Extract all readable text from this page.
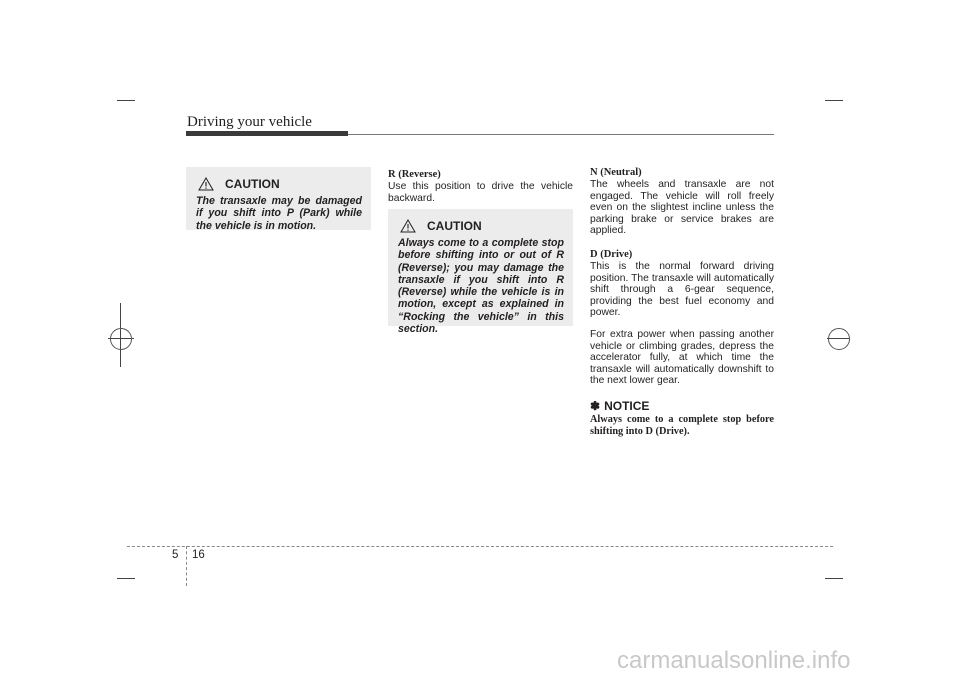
Driving your vehicle
CAUTION
The transaxle may be damaged if you shift into P (Park) while the vehicle is in motion.
R (Reverse)

Use this position to drive the vehicle backward.

CAUTION
Always come to a complete stop before shifting into or out of R (Reverse); you may damage the transaxle if you shift into R (Reverse) while the vehicle is in motion, except as explained in “Rocking the vehicle” in this section.
N (Neutral)

The wheels and transaxle are not engaged. The vehicle will roll freely even on the slightest incline unless the parking brake or service brakes are applied.

D (Drive)

This is the normal forward driving position. The transaxle will automatically shift through a 6-gear sequence, providing the best fuel economy and power.

For extra power when passing another vehicle or climbing grades, depress the accelerator fully, at which time the transaxle will automatically downshift to the next lower gear.

✽ NOTICE
Always come to a complete stop before shifting into D (Drive).
5 16
carmanualsonline.info
